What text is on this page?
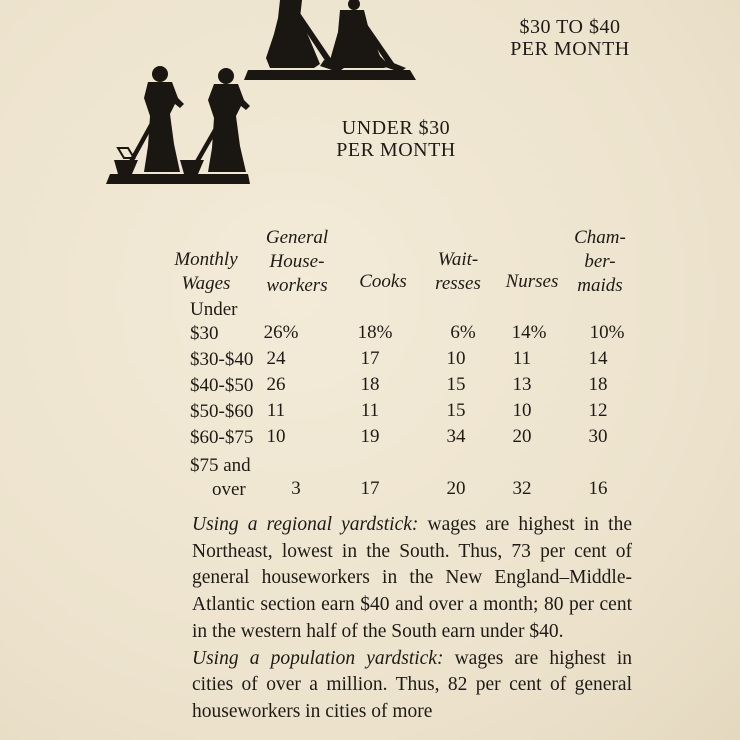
$30 TO $40
PER MONTH
UNDER $30
PER MONTH
Monthly
Wages
General
House-
workers	Cooks
Wait-
resses	Nurses
Cham-
ber-
maids
Under
$30	26%	18%	6%	14%	10%
$30-$40 24	17	10	11	14
$40-$50 26	18	15	13	18
$50-$60 11	11	15	10	12
$60-$75 10	19	34	20	30
$75 and
over	3	17	20	32	16

Using a regional yardstick: wages are highest in the Northeast, lowest in the South. Thus, 73 per cent of general houseworkers in the New England–Middle-Atlantic section earn $40 and over a month; 80 per cent in the western half of the South earn under $40.

Using a population yardstick: wages are highest in cities of over a million. Thus, 82 per cent of general houseworkers in cities of more
